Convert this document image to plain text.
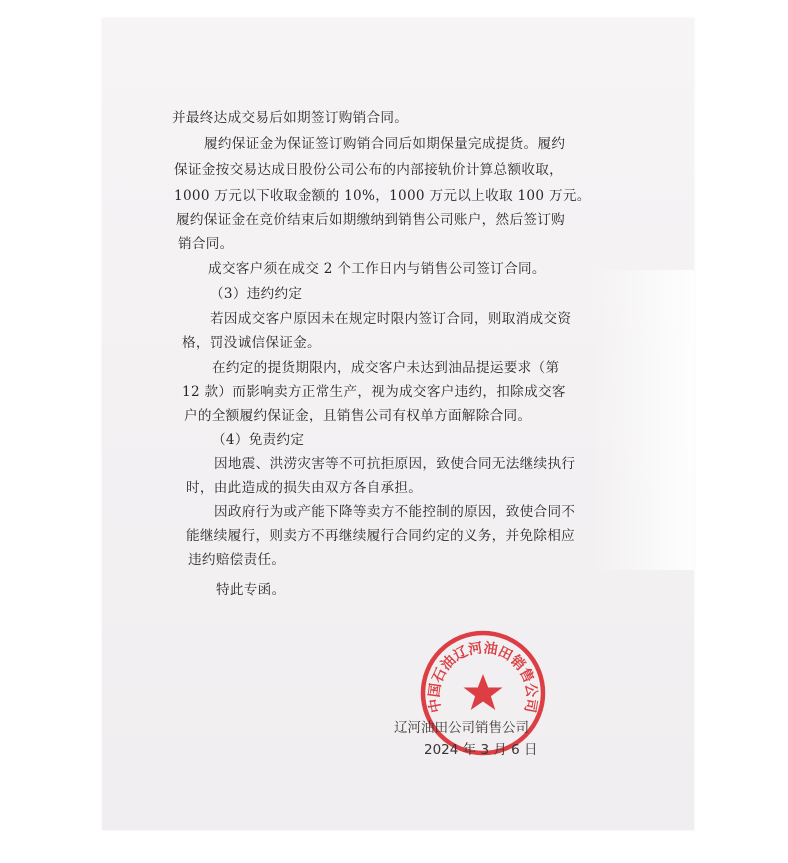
并最终达成交易后如期签订购销合同。
履约保证金为保证签订购销合同后如期保量完成提货。履约
保证金按交易达成日股份公司公布的内部接轨价计算总额收取，
1000 万元以下收取金额的 10%，1000 万元以上收取 100 万元。
履约保证金在竞价结束后如期缴纳到销售公司账户，然后签订购
销合同。
成交客户须在成交 2 个工作日内与销售公司签订合同。
（3）违约约定
若因成交客户原因未在规定时限内签订合同，则取消成交资
格，罚没诚信保证金。
在约定的提货期限内，成交客户未达到油品提运要求（第
12 款）而影响卖方正常生产，视为成交客户违约，扣除成交客
户的全额履约保证金，且销售公司有权单方面解除合同。
（4）免责约定
因地震、洪涝灾害等不可抗拒原因，致使合同无法继续执行
时，由此造成的损失由双方各自承担。
因政府行为或产能下降等卖方不能控制的原因，致使合同不
能继续履行，则卖方不再继续履行合同约定的义务，并免除相应
违约赔偿责任。
特此专函。
中国石油辽河油田销售公司
辽河油田公司销售公司
2024 年 3 月 6 日
